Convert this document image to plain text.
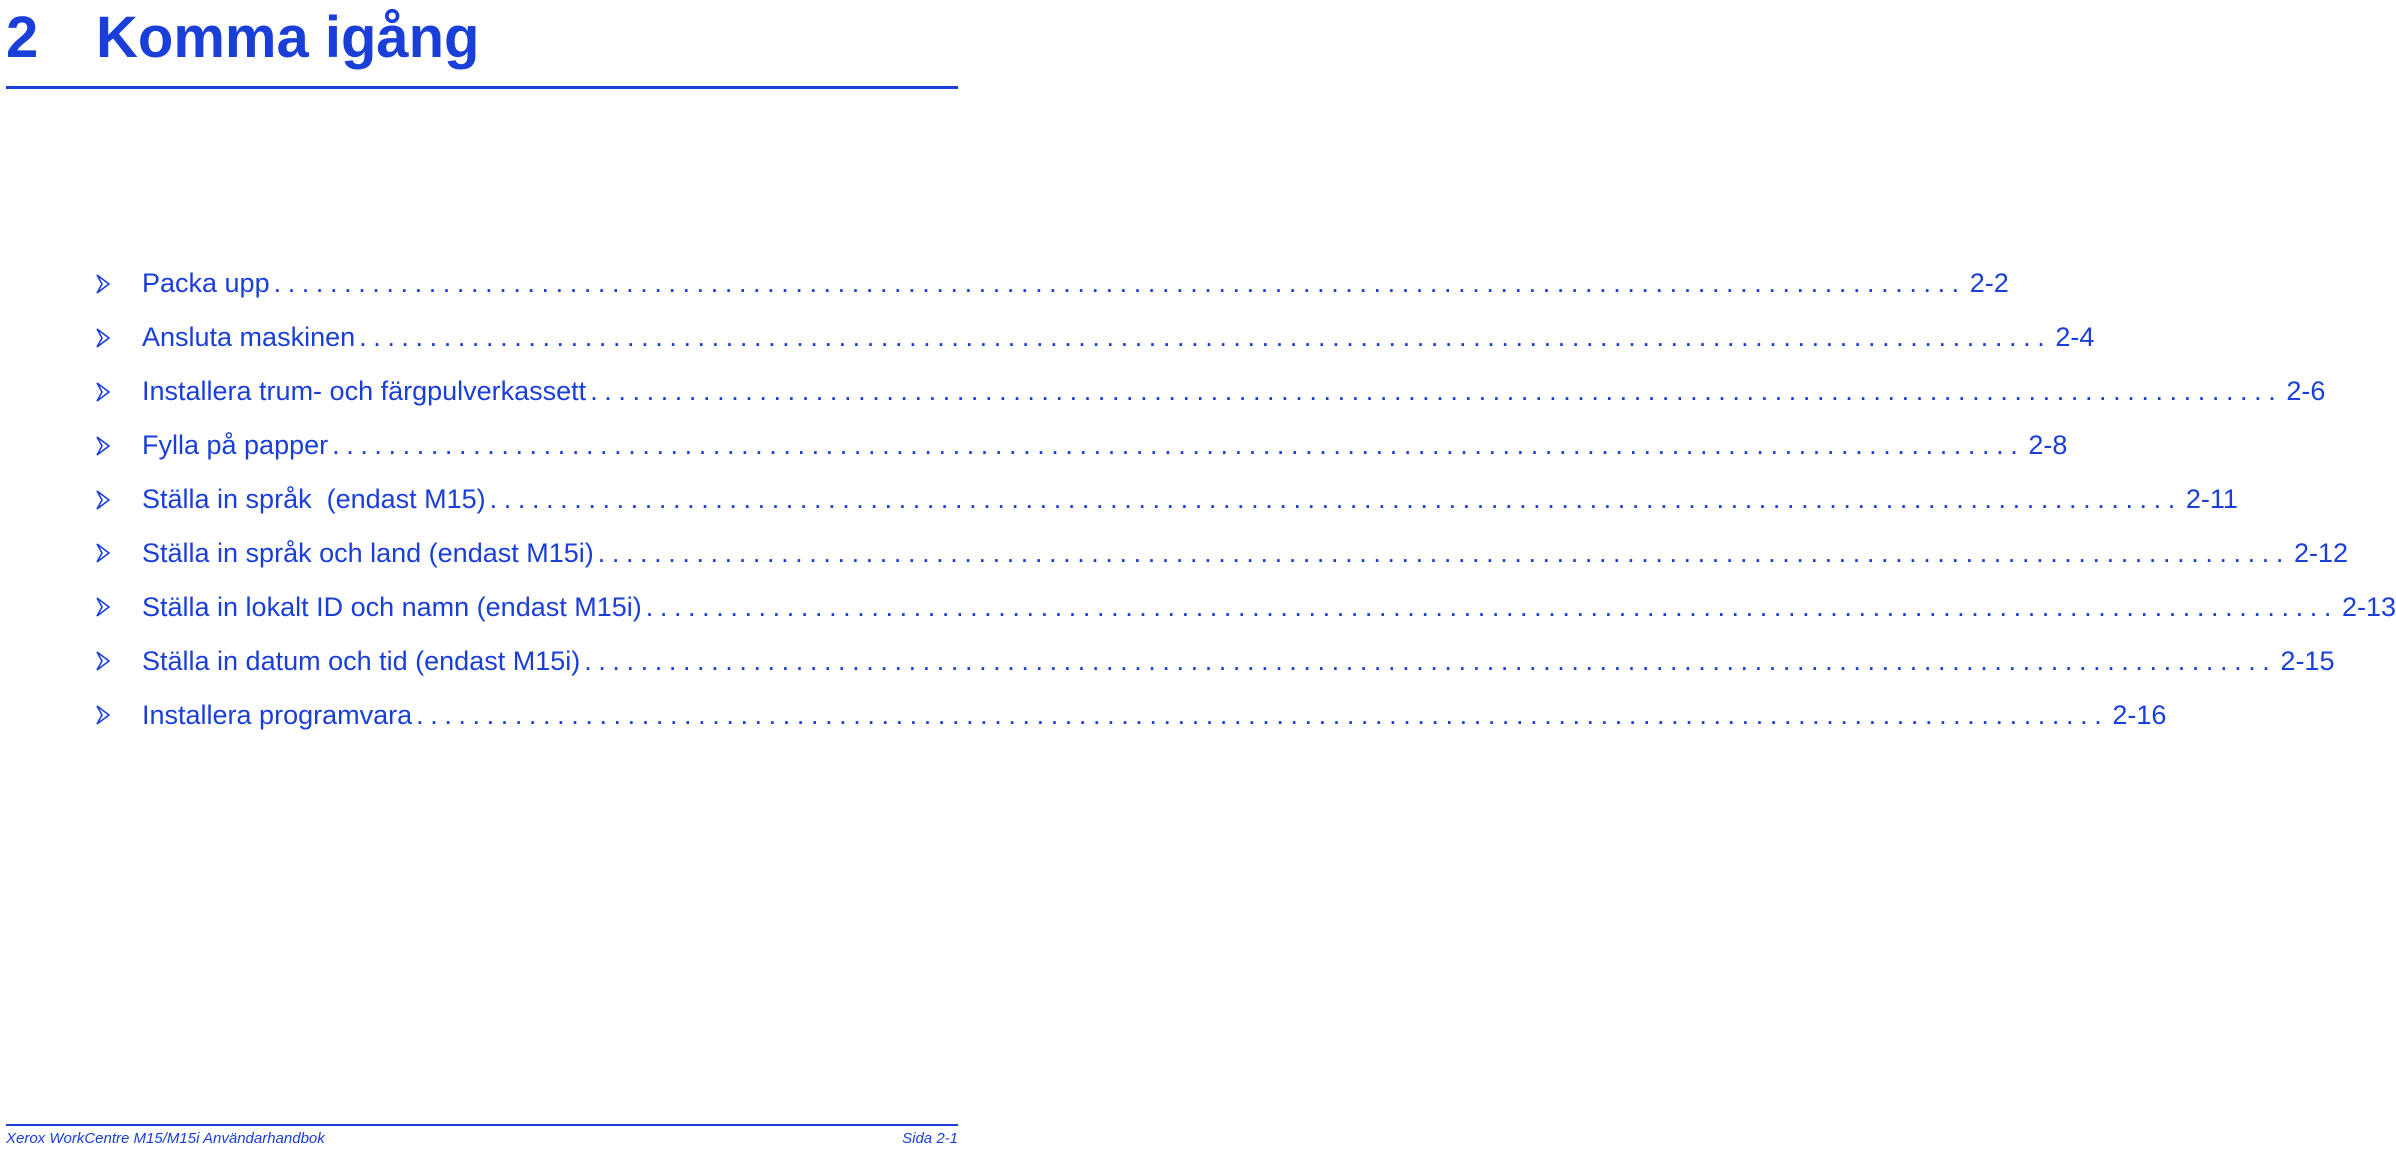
2 Komma igång
Packa upp ........................................................................................................................ 2-2
Ansluta maskinen ........................................................................................................................ 2-4
Installera trum- och färgpulverkassett ........................................................................................................................ 2-6
Fylla på papper ........................................................................................................................ 2-8
Ställa in språk  (endast M15) ........................................................................................................................ 2-11
Ställa in språk och land (endast M15i) ........................................................................................................................ 2-12
Ställa in lokalt ID och namn (endast M15i) ........................................................................................................................ 2-13
Ställa in datum och tid (endast M15i) ........................................................................................................................ 2-15
Installera programvara ........................................................................................................................ 2-16
Xerox WorkCentre M15/M15i Användarhandbok	Sida 2-1
